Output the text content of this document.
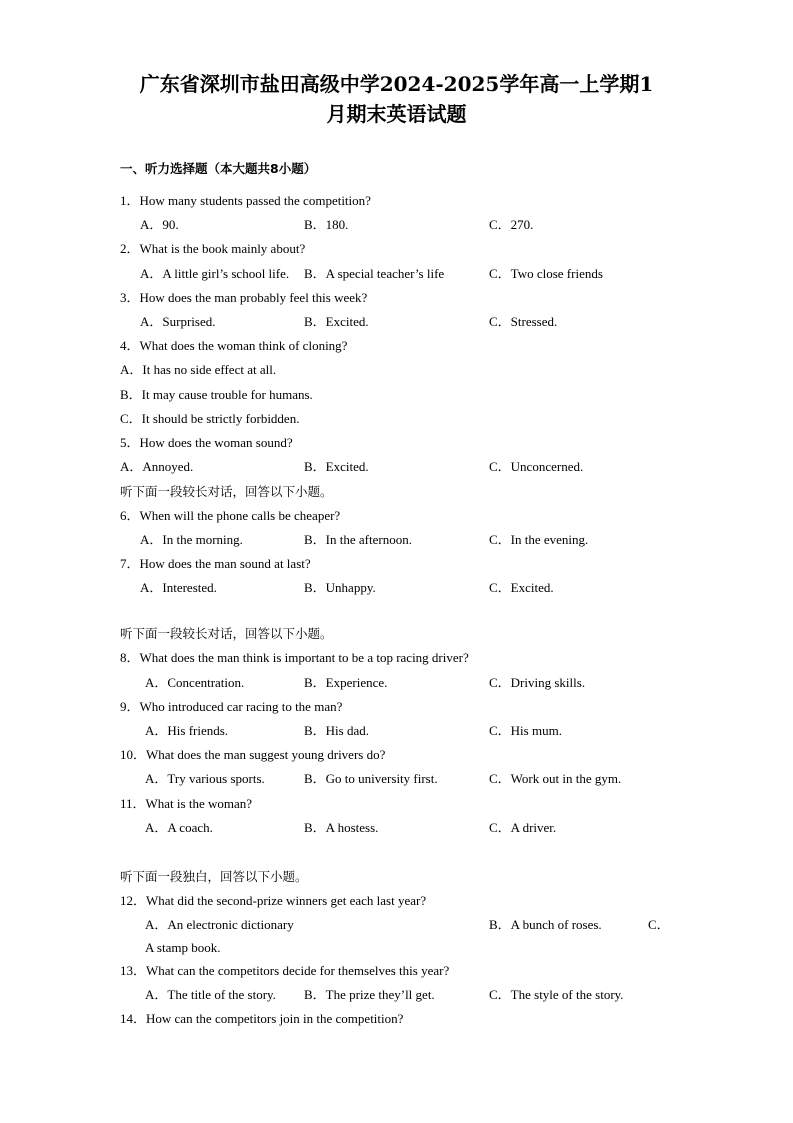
广东省深圳市盐田高级中学2024-2025学年高一上学期1
月期末英语试题
一、听力选择题（本大题共8小题）
1．How many students passed the competition?
A．90.	B．180.	C．270.
2．What is the book mainly about?
A．A little girl’s school life. B．A special teacher’s life	C．Two close friends
3．How does the man probably feel this week?
A．Surprised.	B．Excited.	C．Stressed.
4．What does the woman think of cloning?
A．It has no side effect at all.
B．It may cause trouble for humans.
C．It should be strictly forbidden.
5．How does the woman sound?
A．Annoyed.	B．Excited.	C．Unconcerned.
听下面一段较长对话，回答以下小题。
6．When will the phone calls be cheaper?
A．In the morning.	B．In the afternoon.	C．In the evening.
7．How does the man sound at last?
A．Interested.	B．Unhappy.	C．Excited.
听下面一段较长对话，回答以下小题。
8．What does the man think is important to be a top racing driver?
A．Concentration.	B．Experience.	C．Driving skills.
9．Who introduced car racing to the man?
A．His friends.	B．His dad.	C．His mum.
10．What does the man suggest young drivers do?
A．Try various sports.	B．Go to university first.	C．Work out in the gym.
11．What is the woman?
A．A coach.	B．A hostess.	C．A driver.
听下面一段独白，回答以下小题。
12．What did the second-prize winners get each last year?
A．An electronic dictionary	B．A bunch of roses.	C．
A stamp book.
13．What can the competitors decide for themselves this year?
A．The title of the story. B．The prize they’ll get.	C．The style of the story.
14．How can the competitors join in the competition?
